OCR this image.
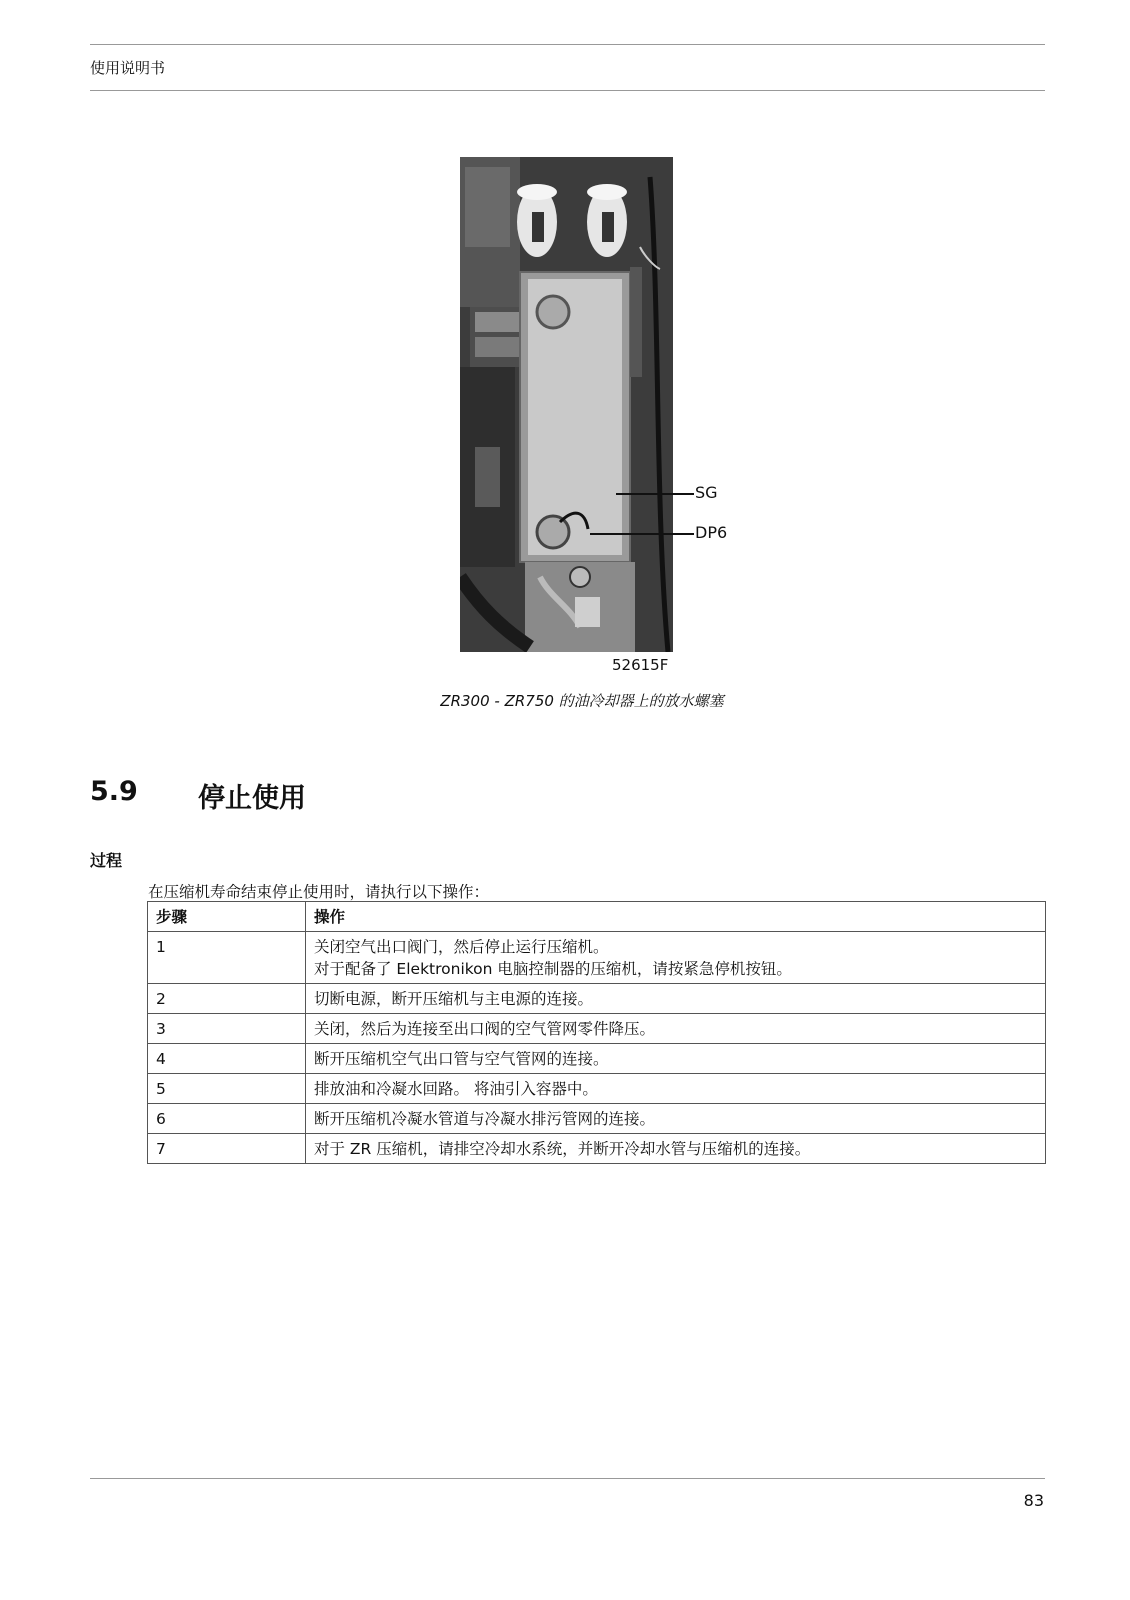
使用说明书
SG
DP6
52615F
ZR300 - ZR750 的油冷却器上的放水螺塞
5.9 停止使用
过程
在压缩机寿命结束停止使用时，请执行以下操作：
步骤	操作
1	关闭空气出口阀门，然后停止运行压缩机。
对于配备了 Elektronikon 电脑控制器的压缩机，请按紧急停机按钮。

2	切断电源，断开压缩机与主电源的连接。

3	关闭，然后为连接至出口阀的空气管网零件降压。

4	断开压缩机空气出口管与空气管网的连接。

5	排放油和冷凝水回路。 将油引入容器中。

6	断开压缩机冷凝水管道与冷凝水排污管网的连接。

7	对于 ZR 压缩机，请排空冷却水系统，并断开冷却水管与压缩机的连接。
83
